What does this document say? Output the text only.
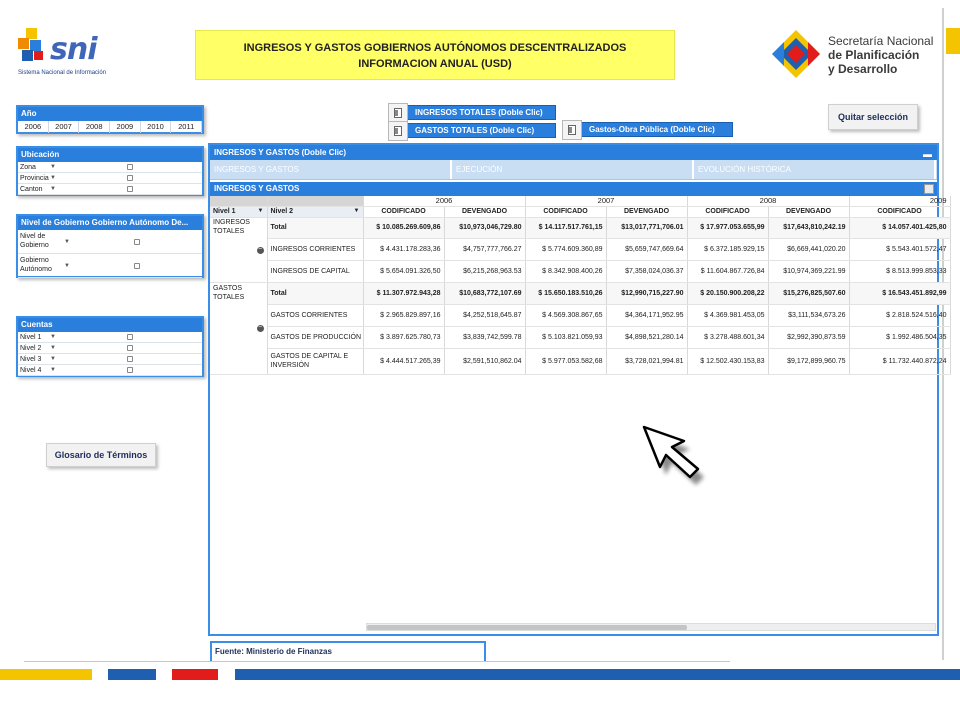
sni
Sistema Nacional de Información
INGRESOS Y GASTOS GOBIERNOS AUTÓNOMOS DESCENTRALIZADOS
INFORMACION ANUAL (USD)
Secretaría Nacional
de Planificación
y Desarrollo
Año
2006	2007	2008	2009	2010	2011
Ubicación
Zona ▼
Provincia ▼
Canton ▼
Nivel de Gobierno Gobierno Autónomo De...
Nivel de Gobierno	▼
Gobierno Autónomo ▼
Cuentas
Nivel 1 ▼
Nivel 2 ▼
Nivel 3 ▼
Nivel 4 ▼
Glosario de Términos
Quitar selección
INGRESOS TOTALES (Doble Clic)
GASTOS TOTALES (Doble Clic)	Gastos-Obra Pública (Doble Clic)
INGRESOS Y GASTOS (Doble Clic)	▬
INGRESOS Y GASTOS	EJECUCIÓN	EVOLUCIÓN HISTÓRICA
INGRESOS Y GASTOS
		2006		2007		2008		2009
Nivel 1 ▼	Nivel 2 ▼	CODIFICADO	DEVENGADO	CODIFICADO	DEVENGADO	CODIFICADO	DEVENGADO	CODIFICADO
INGRESOS TOTALES
−	Total	$ 10.085.269.609,86	$10,973,046,729.80	$ 14.117.517.761,15	$13,017,771,706.01	$ 17.977.053.655,99	$17,643,810,242.19	$ 14.057.401.425,80
	INGRESOS CORRIENTES	$ 4.431.178.283,36	$4,757,777,766.27	$ 5.774.609.360,89	$5,659,747,669.64	$ 6.372.185.929,15	$6,669,441,020.20	$ 5.543.401.572,47
	INGRESOS DE CAPITAL	$ 5.654.091.326,50	$6,215,268,963.53	$ 8.342.908.400,26	$7,358,024,036.37	$ 11.604.867.726,84	$10,974,369,221.99	$ 8.513.999.853,33
GASTOS TOTALES
−	Total	$ 11.307.972.943,28	$10,683,772,107.69	$ 15.650.183.510,26	$12,990,715,227.90	$ 20.150.900.208,22	$15,276,825,507.60	$ 16.543.451.892,99
	GASTOS CORRIENTES	$ 2.965.829.897,16	$4,252,518,645.87	$ 4.569.308.867,65	$4,364,171,952.95	$ 4.369.981.453,05	$3,111,534,673.26	$ 2.818.524.516,40
	GASTOS DE PRODUCCIÓN	$ 3.897.625.780,73	$3,839,742,599.78	$ 5.103.821.059,93	$4,898,521,280.14	$ 3.278.488.601,34	$2,992,390,873.59	$ 1.992.486.504,35
	GASTOS DE CAPITAL E INVERSIÓN	$ 4.444.517.265,39	$2,591,510,862.04	$ 5.977.053.582,68	$3,728,021,994.81	$ 12.502.430.153,83	$9,172,899,960.75	$ 11.732.440.872,24
Fuente: Ministerio de Finanzas
